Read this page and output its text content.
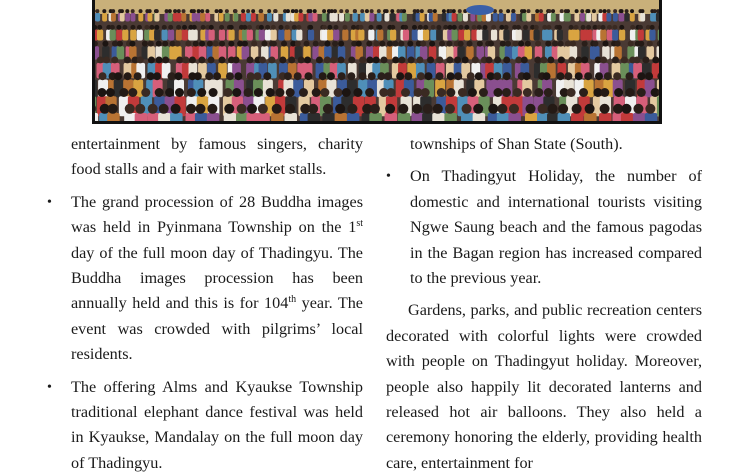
entertainment by famous singers, charity food stalls and a fair with market stalls.

•	The grand procession of 28 Buddha images was held in Pyinmana Township on the 1st day of the full moon day of Thadingyu. The Buddha images procession has been annually held and this is for 104th year. The event was crowded with pilgrims’ local residents.

•	The offering Alms and Kyaukse Township traditional elephant dance festival was held in Kyaukse, Mandalay on the full moon day of Thadingyu.

townships of Shan State (South).

•	On Thadingyut Holiday, the number of domestic and international tourists visiting Ngwe Saung beach and the famous pagodas in the Bagan region has increased compared to the previous year.

Gardens, parks, and public recreation centers decorated with colorful lights were crowded with people on Thadingyut holiday. Moreover, people also happily lit decorated lanterns and released hot air balloons. They also held a ceremony honoring the elderly, providing health care, entertainment for
